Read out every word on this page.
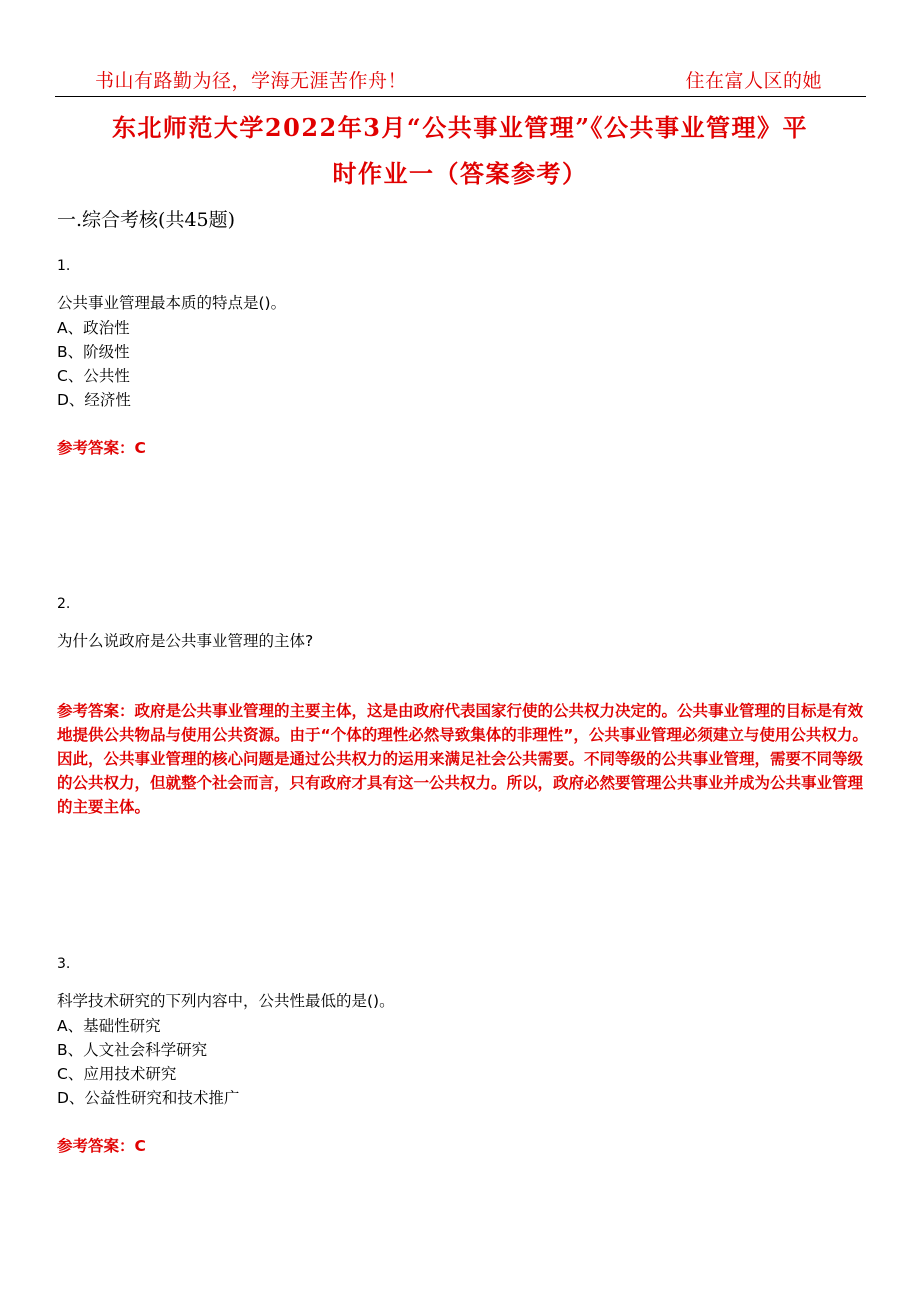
书山有路勤为径，学海无涯苦作舟！	住在富人区的她
东北师范大学2022年3月“公共事业管理”《公共事业管理》平
时作业一（答案参考）
一.综合考核(共45题)
1.
公共事业管理最本质的特点是()。
A、政治性
B、阶级性
C、公共性
D、经济性
参考答案：C
2.
为什么说政府是公共事业管理的主体?
参考答案：政府是公共事业管理的主要主体，这是由政府代表国家行使的公共权力决定的。公共事业管理的目标是有效地提供公共物品与使用公共资源。由于“个体的理性必然导致集体的非理性”，公共事业管理必须建立与使用公共权力。因此，公共事业管理的核心问题是通过公共权力的运用来满足社会公共需要。不同等级的公共事业管理，需要不同等级的公共权力，但就整个社会而言，只有政府才具有这一公共权力。所以，政府必然要管理公共事业并成为公共事业管理的主要主体。
3.
科学技术研究的下列内容中，公共性最低的是()。
A、基础性研究
B、人文社会科学研究
C、应用技术研究
D、公益性研究和技术推广
参考答案：C
